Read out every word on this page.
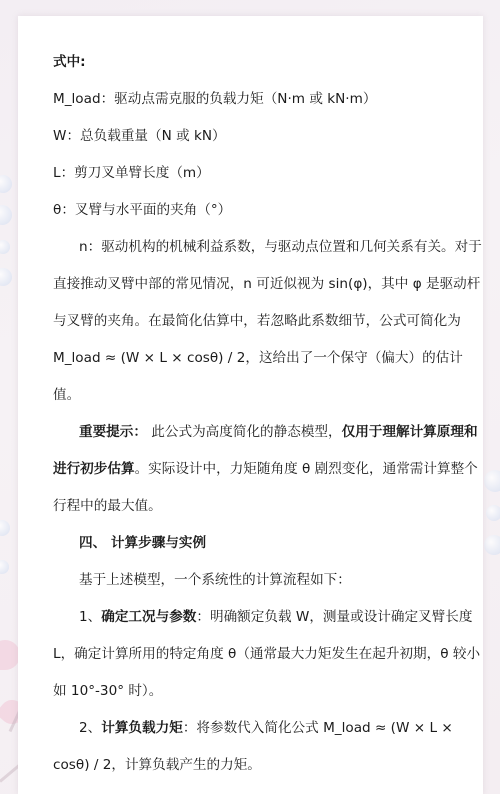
式中:

M_load：驱动点需克服的负载力矩（N·m 或 kN·m）

W：总负载重量（N 或 kN）

L：剪刀叉单臂长度（m）

θ：叉臂与水平面的夹角（°）

n：驱动机构的机械利益系数，与驱动点位置和几何关系有关。对于直接推动叉臂中部的常见情况，n 可近似视为 sin(φ)，其中 φ 是驱动杆与叉臂的夹角。在最简化估算中，若忽略此系数细节，公式可简化为 M_load ≈ (W × L × cosθ) / 2，这给出了一个保守（偏大）的估计值。

重要提示： 此公式为高度简化的静态模型，仅用于理解计算原理和进行初步估算。实际设计中，力矩随角度 θ 剧烈变化，通常需计算整个行程中的最大值。

四、 计算步骤与实例

基于上述模型，一个系统性的计算流程如下：

1、确定工况与参数：明确额定负载 W，测量或设计确定叉臂长度 L，确定计算所用的特定角度 θ（通常最大力矩发生在起升初期，θ 较小如 10°-30° 时）。

2、计算负载力矩：将参数代入简化公式 M_load ≈ (W × L × cosθ) / 2，计算负载产生的力矩。
